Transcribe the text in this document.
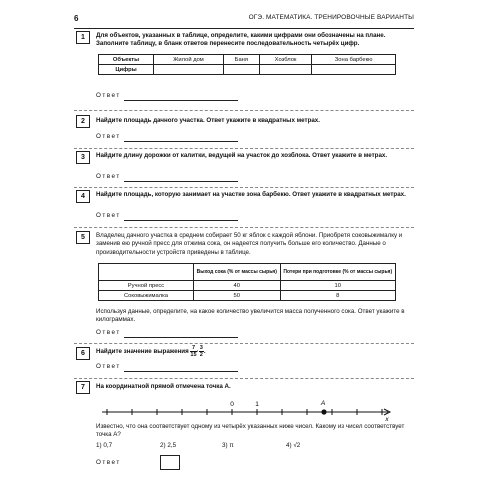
6	ОГЭ. МАТЕМАТИКА. ТРЕНИРОВОЧНЫЕ ВАРИАНТЫ
1	Для объектов, указанных в таблице, определите, какими цифрами они обозначены на плане. Заполните таблицу, в бланк ответов перенесите последовательность четырёх цифр.
Объекты	Жилой дом	Баня	Хозблок	Зона барбекю
Цифры				
Ответ
2	Найдите площадь дачного участка. Ответ укажите в квадратных метрах.
Ответ
3	Найдите длину дорожки от калитки, ведущей на участок до хозблока. Ответ укажите в метрах.
Ответ
4	Найдите площадь, которую занимает на участке зона барбекю. Ответ укажите в квадратных метрах.
Ответ
5	Владелец дачного участка в среднем собирает 50 кг яблок с каждой яблони. Приобретя соковыжималку и заменив ею ручной пресс для отжима сока, он надеется получить больше его количество. Данные о производительности устройств приведены в таблице.
	Выход сока (% от массы сырья)	Потери при подготовке (% от массы сырья)
Ручной пресс	40	10
Соковыжималка	50	8
Используя данные, определите, на какое количество увеличится масса полученного сока. Ответ укажите в килограммах.
Ответ
6	Найдите значение выражения $\frac{7}{15} \cdot \frac{3}{2}$ .
Ответ
7	На координатной прямой отмечена точка A.
0	1	A
x
Известно, что она соответствует одному из четырёх указанных ниже чисел. Какому из чисел соответствует точка A?
1) 0,7	2) 2,5	3) π	4) √2
Ответ
